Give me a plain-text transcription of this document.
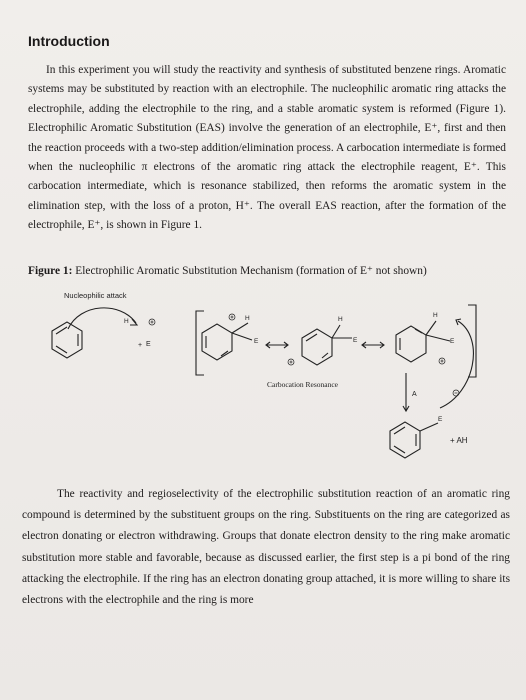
Introduction

In this experiment you will study the reactivity and synthesis of substituted benzene rings. Aromatic systems may be substituted by reaction with an electrophile. The nucleophilic aromatic ring attacks the electrophile, adding the electrophile to the ring, and a stable aromatic system is reformed (Figure 1). Electrophilic Aromatic Substitution (EAS) involve the generation of an electrophile, E⁺, first and then the reaction proceeds with a two-step addition/elimination process. A carbocation intermediate is formed when the nucleophilic π electrons of the aromatic ring attack the electrophile reagent, E⁺. This carbocation intermediate, which is resonance stabilized, then reforms the aromatic system in the elimination step, with the loss of a proton, H⁺. The overall EAS reaction, after the formation of the electrophile, E⁺, is shown in Figure 1.

Figure 1: Electrophilic Aromatic Substitution Mechanism (formation of E⁺ not shown)
Nucleophilic attack
H
+ E
H
E
H
E
H
E
Carbocation Resonance
A
E
+ AH

The reactivity and regioselectivity of the electrophilic substitution reaction of an aromatic ring compound is determined by the substituent groups on the ring. Substituents on the ring are categorized as electron donating or electron withdrawing. Groups that donate electron density to the ring make aromatic substitution more stable and favorable, because as discussed earlier, the first step is a pi bond of the ring attacking the electrophile. If the ring has an electron donating group attached, it is more willing to share its electrons with the electrophile and the ring is more
